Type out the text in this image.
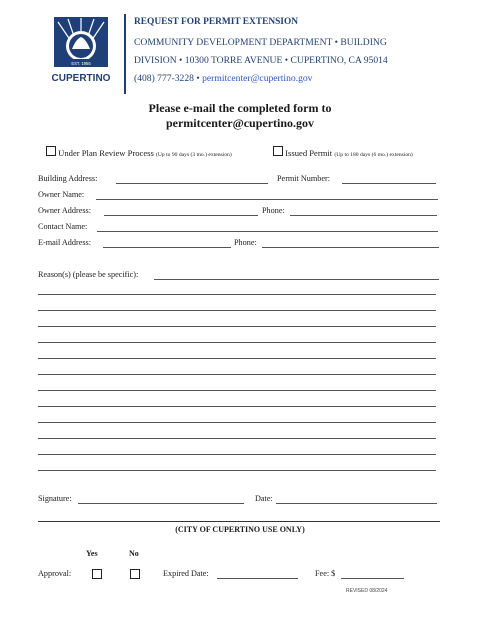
EST. 1955
CUPERTINO
REQUEST FOR PERMIT EXTENSION
COMMUNITY DEVELOPMENT DEPARTMENT • BUILDING
DIVISION • 10300 TORRE AVENUE • CUPERTINO, CA 95014
(408) 777-3228 • permitcenter@cupertino.gov
Please e-mail the completed form to
permitcenter@cupertino.gov
Under Plan Review Process (Up to 90 days (3 mo.) extension)	Issued Permit (Up to 180 days (6 mo.) extension)
Building Address:	Permit Number:
Owner Name:
Owner Address:	Phone:
Contact Name:
E-mail Address:	Phone:
Reason(s) (please be specific):
Signature:	Date:
(CITY OF CUPERTINO USE ONLY)
Yes	No
Approval:	Expired Date:	Fee: $
REVISED 08/2024
